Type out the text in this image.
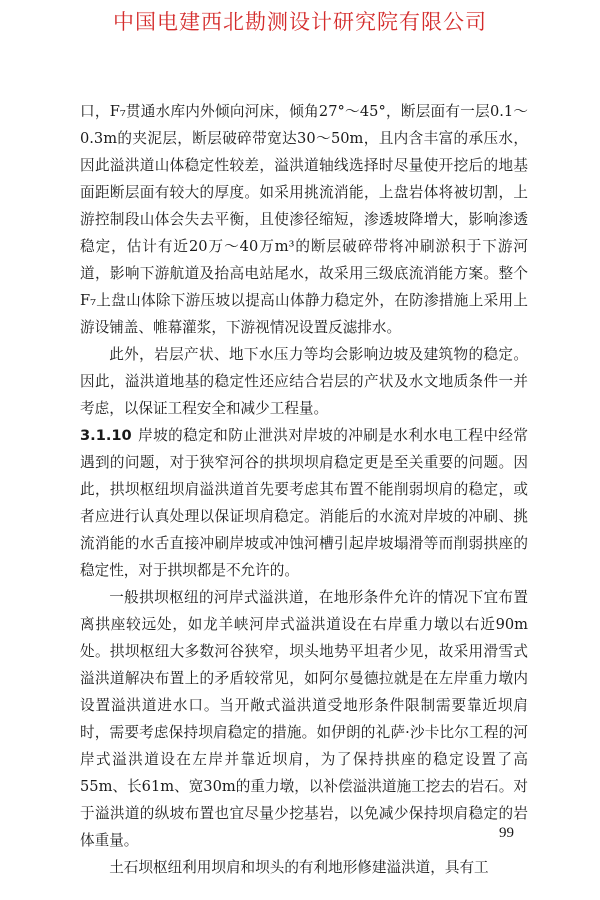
中国电建西北勘测设计研究院有限公司

口，F₇贯通水库内外倾向河床，倾角27°～45°，断层面有一层0.1～0.3m的夹泥层，断层破碎带宽达30～50m，且内含丰富的承压水，因此溢洪道山体稳定性较差，溢洪道轴线选择时尽量使开挖后的地基面距断层面有较大的厚度。如采用挑流消能，上盘岩体将被切割，上游控制段山体会失去平衡，且使渗径缩短，渗透坡降增大，影响渗透稳定，估计有近20万～40万m³的断层破碎带将冲刷淤积于下游河道，影响下游航道及抬高电站尾水，故采用三级底流消能方案。整个F₇上盘山体除下游压坡以提高山体静力稳定外，在防渗措施上采用上游设铺盖、帷幕灌浆，下游视情况设置反滤排水。

此外，岩层产状、地下水压力等均会影响边坡及建筑物的稳定。因此，溢洪道地基的稳定性还应结合岩层的产状及水文地质条件一并考虑，以保证工程安全和减少工程量。

3.1.10 岸坡的稳定和防止泄洪对岸坡的冲刷是水利水电工程中经常遇到的问题，对于狭窄河谷的拱坝坝肩稳定更是至关重要的问题。因此，拱坝枢纽坝肩溢洪道首先要考虑其布置不能削弱坝肩的稳定，或者应进行认真处理以保证坝肩稳定。消能后的水流对岸坡的冲刷、挑流消能的水舌直接冲刷岸坡或冲蚀河槽引起岸坡塌滑等而削弱拱座的稳定性，对于拱坝都是不允许的。

一般拱坝枢纽的河岸式溢洪道，在地形条件允许的情况下宜布置离拱座较远处，如龙羊峡河岸式溢洪道设在右岸重力墩以右近90m处。拱坝枢纽大多数河谷狭窄，坝头地势平坦者少见，故采用滑雪式溢洪道解决布置上的矛盾较常见，如阿尔曼德拉就是在左岸重力墩内设置溢洪道进水口。当开敞式溢洪道受地形条件限制需要靠近坝肩时，需要考虑保持坝肩稳定的措施。如伊朗的礼萨·沙卡比尔工程的河岸式溢洪道设在左岸并靠近坝肩，为了保持拱座的稳定设置了高55m、长61m、宽30m的重力墩，以补偿溢洪道施工挖去的岩石。对于溢洪道的纵坡布置也宜尽量少挖基岩，以免减少保持坝肩稳定的岩体重量。

土石坝枢纽利用坝肩和坝头的有利地形修建溢洪道，具有工

99
